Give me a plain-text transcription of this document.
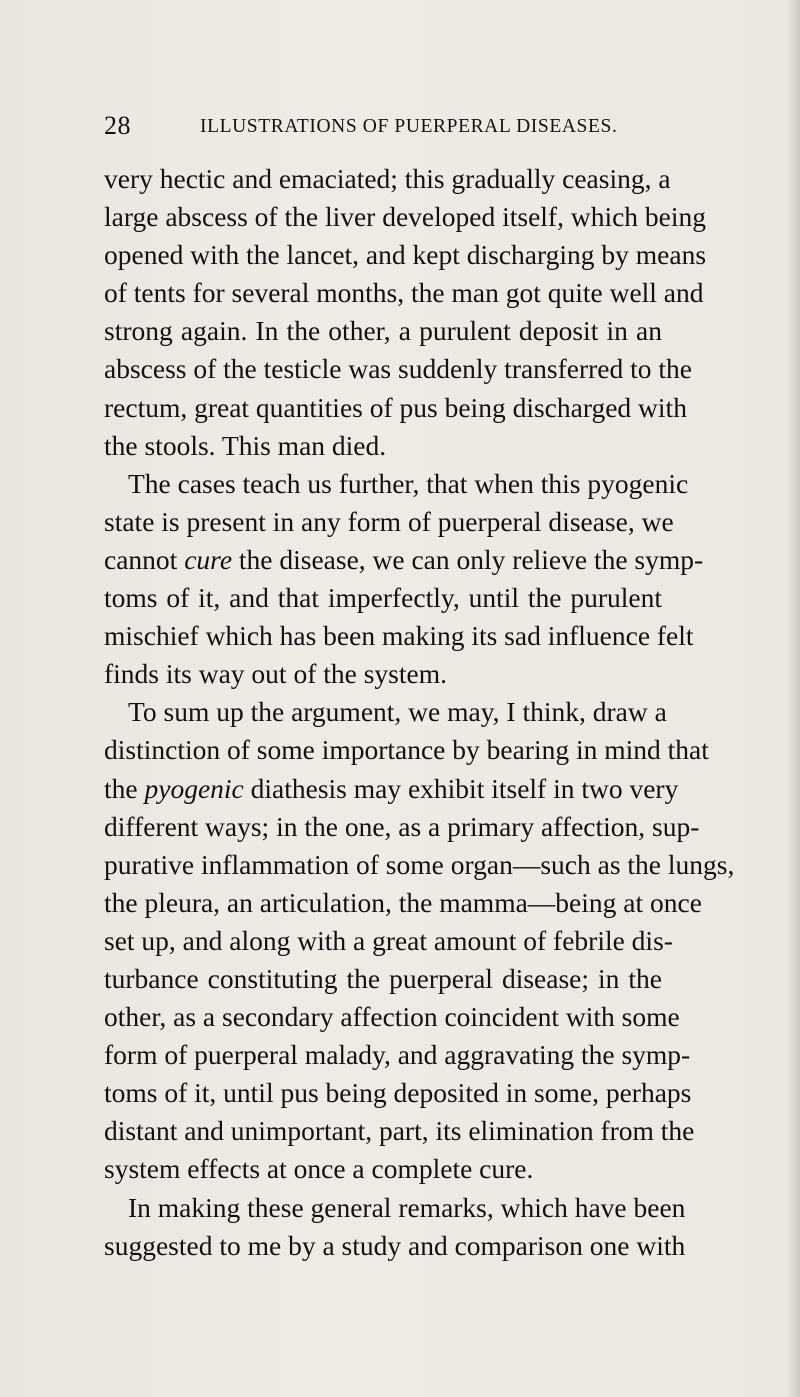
28	ILLUSTRATIONS OF PUERPERAL DISEASES.
very hectic and emaciated; this gradually ceasing, a
large abscess of the liver developed itself, which being
opened with the lancet, and kept discharging by means
of tents for several months, the man got quite well and
strong again. In the other, a purulent deposit in an
abscess of the testicle was suddenly transferred to the
rectum, great quantities of pus being discharged with
the stools. This man died.
The cases teach us further, that when this pyogenic
state is present in any form of puerperal disease, we
cannot cure the disease, we can only relieve the symp-
toms of it, and that imperfectly, until the purulent
mischief which has been making its sad influence felt
finds its way out of the system.
To sum up the argument, we may, I think, draw a
distinction of some importance by bearing in mind that
the pyogenic diathesis may exhibit itself in two very
different ways; in the one, as a primary affection, sup-
purative inflammation of some organ—such as the lungs,
the pleura, an articulation, the mamma—being at once
set up, and along with a great amount of febrile dis-
turbance constituting the puerperal disease; in the
other, as a secondary affection coincident with some
form of puerperal malady, and aggravating the symp-
toms of it, until pus being deposited in some, perhaps
distant and unimportant, part, its elimination from the
system effects at once a complete cure.
In making these general remarks, which have been
suggested to me by a study and comparison one with
